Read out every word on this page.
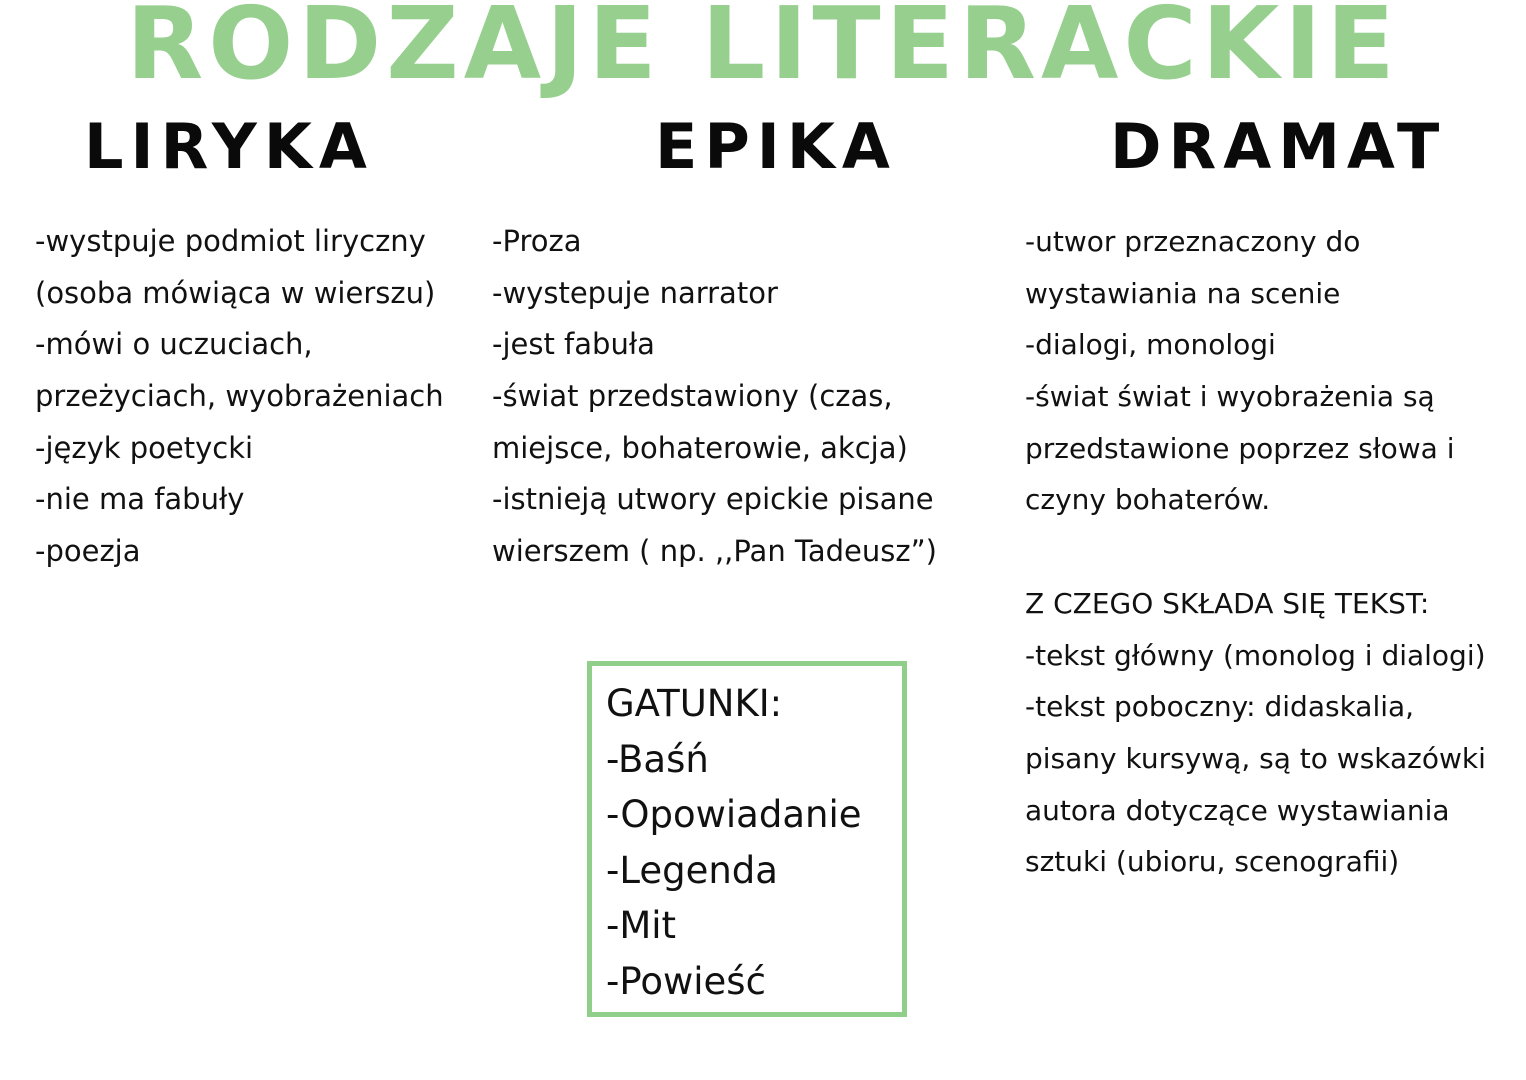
RODZAJE LITERACKIE
LIRYKA	EPIKA	DRAMAT
-wystpuje podmiot liryczny
(osoba mówiąca w wierszu)
-mówi o uczuciach,
przeżyciach, wyobrażeniach
-język poetycki
-nie ma fabuły
-poezja
-Proza
-wystepuje narrator
-jest fabuła
-świat przedstawiony (czas,
miejsce, bohaterowie, akcja)
-istnieją utwory epickie pisane
wierszem ( np. ,,Pan Tadeusz”)
-utwor przeznaczony do
wystawiania na scenie
-dialogi, monologi
-świat świat i wyobrażenia są
przedstawione poprzez słowa i
czyny bohaterów.
Z CZEGO SKŁADA SIĘ TEKST:
-tekst główny (monolog i dialogi)
-tekst poboczny: didaskalia,
pisany kursywą, są to wskazówki
autora dotyczące wystawiania
sztuki (ubioru, scenografii)
GATUNKI:
-Baśń
-Opowiadanie
-Legenda
-Mit
-Powieść
